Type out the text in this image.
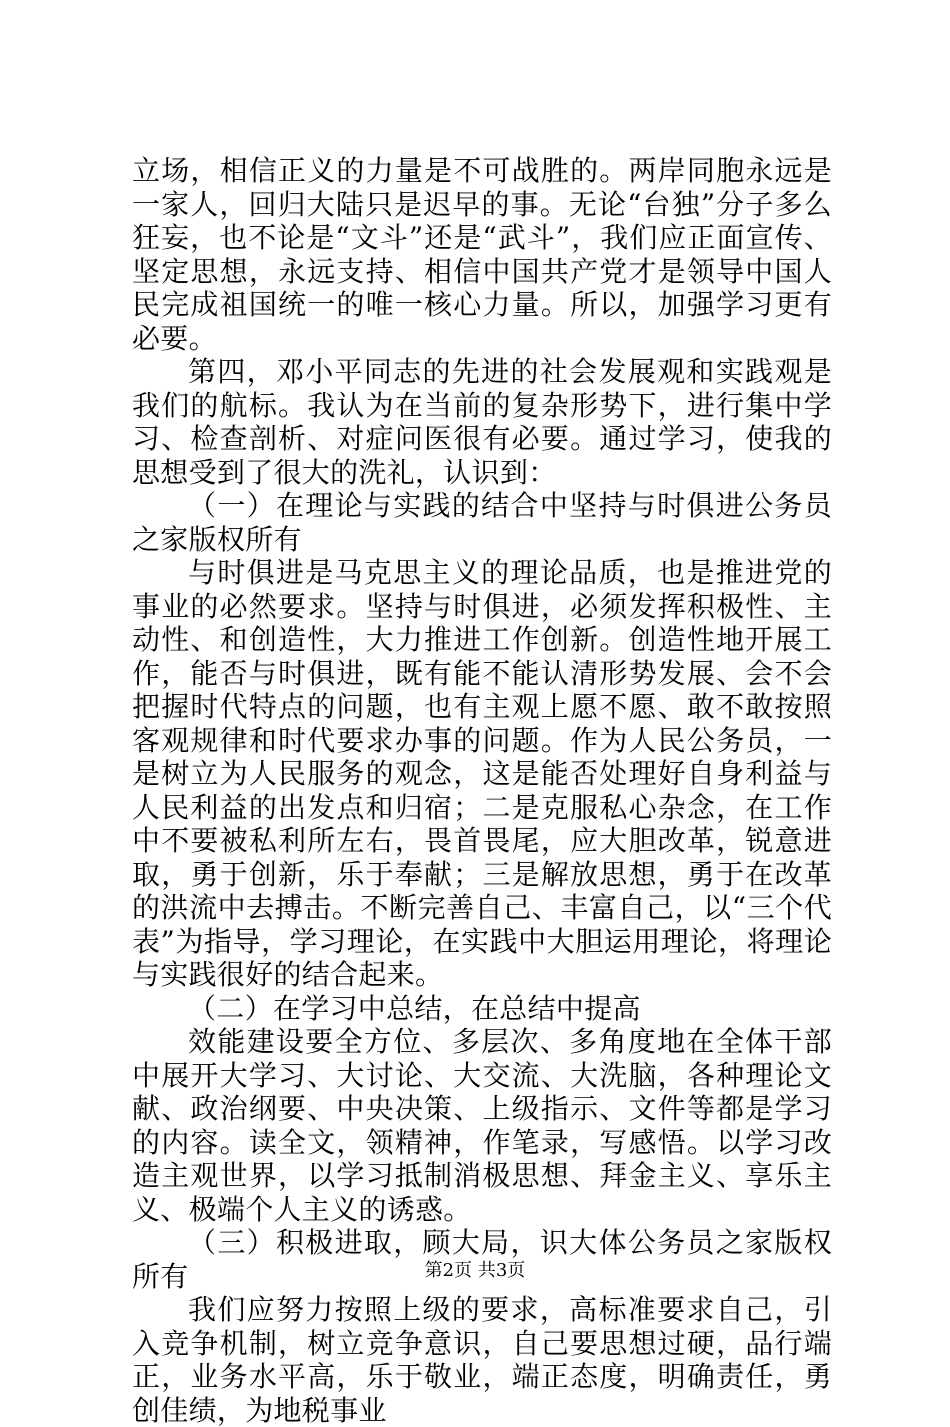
立场，相信正义的力量是不可战胜的。两岸同胞永远是一家人，回归大陆只是迟早的事。无论“台独”分子多么狂妄，也不论是“文斗”还是“武斗”，我们应正面宣传、坚定思想，永远支持、相信中国共产党才是领导中国人民完成祖国统一的唯一核心力量。所以，加强学习更有必要。

第四，邓小平同志的先进的社会发展观和实践观是我们的航标。我认为在当前的复杂形势下，进行集中学习、检查剖析、对症问医很有必要。通过学习，使我的思想受到了很大的洗礼，认识到：

（一）在理论与实践的结合中坚持与时俱进公务员之家版权所有

与时俱进是马克思主义的理论品质，也是推进党的事业的必然要求。坚持与时俱进，必须发挥积极性、主动性、和创造性，大力推进工作创新。创造性地开展工作，能否与时俱进，既有能不能认清形势发展、会不会把握时代特点的问题，也有主观上愿不愿、敢不敢按照客观规律和时代要求办事的问题。作为人民公务员，一是树立为人民服务的观念，这是能否处理好自身利益与人民利益的出发点和归宿；二是克服私心杂念，在工作中不要被私利所左右，畏首畏尾，应大胆改革，锐意进取，勇于创新，乐于奉献；三是解放思想，勇于在改革的洪流中去搏击。不断完善自己、丰富自己，以“三个代表”为指导，学习理论，在实践中大胆运用理论，将理论与实践很好的结合起来。

（二）在学习中总结，在总结中提高

效能建设要全方位、多层次、多角度地在全体干部中展开大学习、大讨论、大交流、大洗脑，各种理论文献、政治纲要、中央决策、上级指示、文件等都是学习的内容。读全文，领精神，作笔录，写感悟。以学习改造主观世界，以学习抵制消极思想、拜金主义、享乐主义、极端个人主义的诱惑。

（三）积极进取，顾大局，识大体公务员之家版权所有

我们应努力按照上级的要求，高标准要求自己，引入竞争机制，树立竞争意识，自己要思想过硬，品行端正，业务水平高，乐于敬业，端正态度，明确责任，勇创佳绩，为地税事业

第2页 共3页
